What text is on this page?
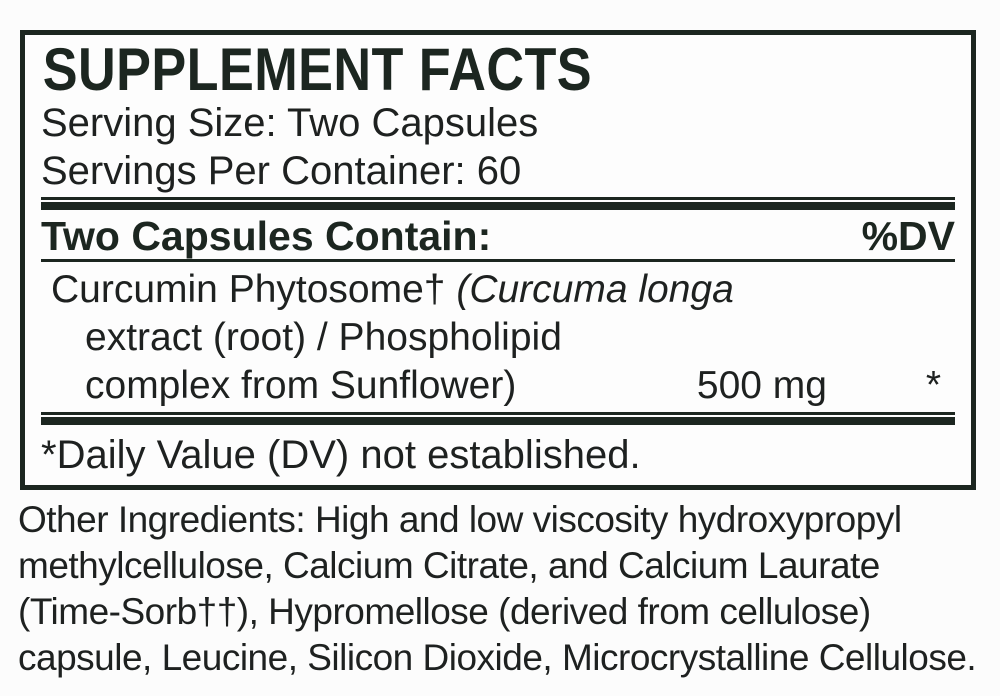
SUPPLEMENT FACTS
Serving Size: Two Capsules
Servings Per Container: 60
Two Capsules Contain:	%DV
Curcumin Phytosome† (Curcuma longa
extract (root) / Phospholipid
complex from Sunflower)	500 mg	*
*Daily Value (DV) not established.
Other Ingredients: High and low viscosity hydroxypropyl
methylcellulose, Calcium Citrate, and Calcium Laurate
(Time-Sorb††), Hypromellose (derived from cellulose)
capsule, Leucine, Silicon Dioxide, Microcrystalline Cellulose.
